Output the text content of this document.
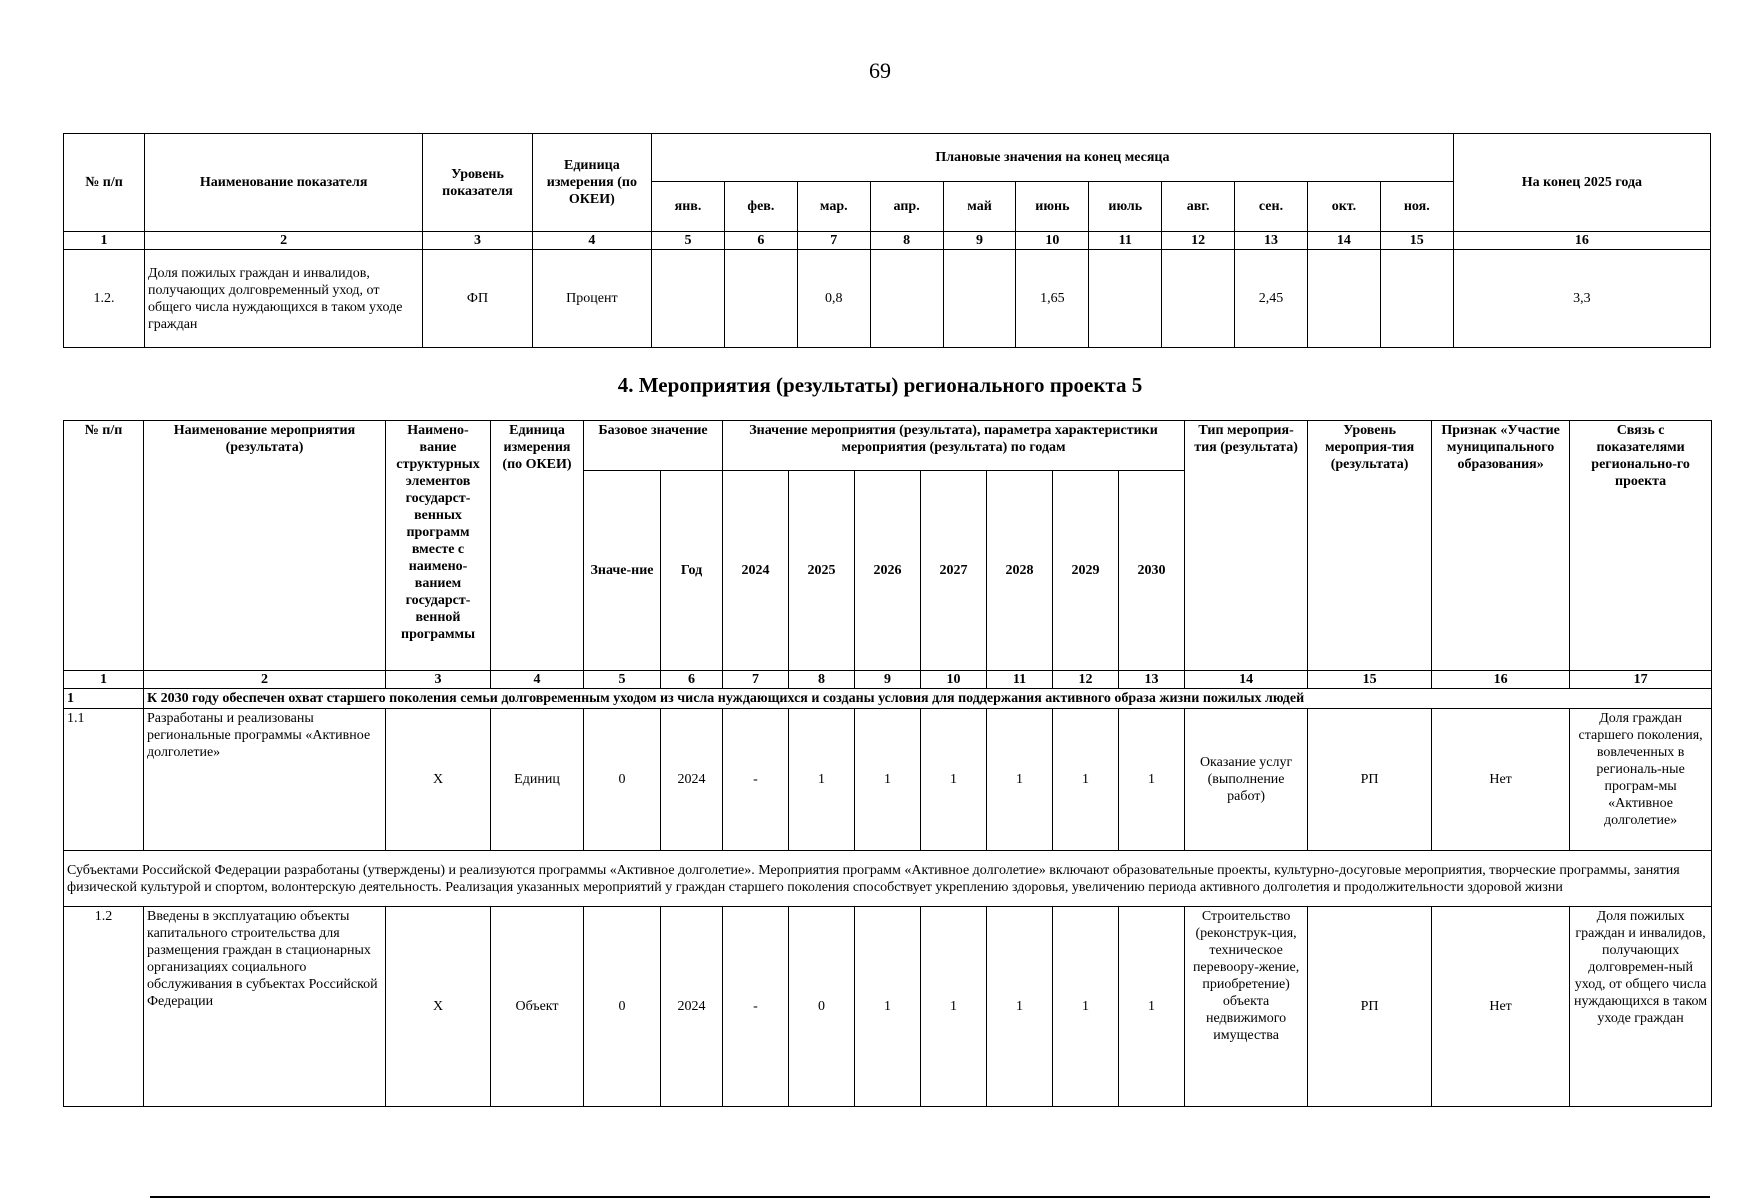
69
№ п/п	Наименование показателя	Уровень показателя	Единица измерения (по ОКЕИ)	Плановые значения на конец месяца											На конец 2025 года
				янв.	фев.	мар.	апр.	май	июнь	июль	авг.	сен.	окт.	ноя.	
1	2	3	4	5	6	7	8	9	10	11	12	13	14	15	16
1.2.	Доля пожилых граждан и инвалидов, получающих долговременный уход, от общего числа нуждающихся в таком уходе граждан	ФП	Процент			0,8			1,65			2,45			3,3
4. Мероприятия (результаты) регионального проекта 5
№ п/п	Наименование мероприятия (результата)	Наимено-вание структурных элементов государст-венных программ вместе с наимено-ванием государст-венной программы	Единица измерения (по ОКЕИ)	Базовое значение		Значение мероприятия (результата), параметра характеристики мероприятия (результата) по годам							Тип мероприя-тия (результата)	Уровень мероприя-тия (результата)	Признак «Участие муниципального образования»	Связь с показателями регионально-го проекта
				Значе-ние	Год	2024	2025	2026	2027	2028	2029	2030				
1	2	3	4	5	6	7	8	9	10	11	12	13	14	15	16	17
1	К 2030 году обеспечен охват старшего поколения семьи долговременным уходом из числа нуждающихся и созданы условия для поддержания активного образа жизни пожилых людей															
1.1	Разработаны и реализованы региональные программы «Активное долголетие»	Х	Единиц	0	2024	-	1	1	1	1	1	1	Оказание услуг (выполнение работ)	РП	Нет	Доля граждан старшего поколения, вовлеченных в региональ-ные програм-мы «Активное долголетие»
Субъектами Российской Федерации разработаны (утверждены) и реализуются программы «Активное долголетие». Мероприятия программ «Активное долголетие» включают образовательные проекты, культурно-досуговые мероприятия, творческие программы, занятия физической культурой и спортом, волонтерскую деятельность. Реализация указанных мероприятий у граждан старшего поколения способствует укреплению здоровья, увеличению периода активного долголетия и продолжительности здоровой жизни																
1.2	Введены в эксплуатацию объекты капитального строительства для размещения граждан в стационарных организациях социального обслуживания в субъектах Российской Федерации	Х	Объект	0	2024	-	0	1	1	1	1	1	Строительство (реконструк-ция, техническое перевоору-жение, приобретение) объекта недвижимого имущества	РП	Нет	Доля пожилых граждан и инвалидов, получающих долговремен-ный уход, от общего числа нуждающихся в таком уходе граждан
